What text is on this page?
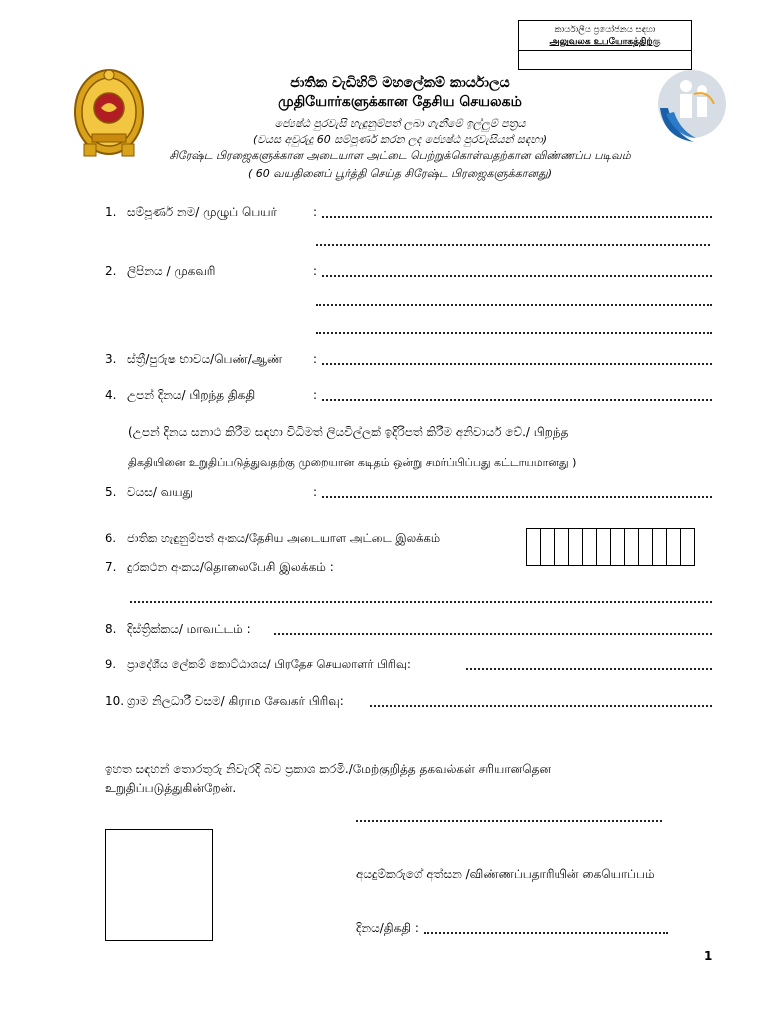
කාර්යාලීය ප්‍රයෝජනය සඳහා
அலுவலக உபயோகத்திற்கு
ජාතික වැඩිහිටි මහලේකම් කාර්යාලය
முதியோர்களுக்கான தேசிய செயலகம்
ජ්‍යෙෂ්ඨ පුරවැසි හැඳුනුම්පත් ලබා ගැනීමේ ඉල්ලුම් පත්‍රය
(වයස අවුරුදු 60 සම්පූර්ණ කරන ලද ජ්‍යෙෂ්ඨ පුරවැසියන් සඳහා)
சிரேஷ்ட பிரஜைகளுக்கான அடையாள அட்டை பெற்றுக்கொள்வதற்கான விண்ணப்ப படிவம்
( 60 வயதினைப் பூர்த்தி செய்த சிரேஷ்ட பிரஜைகளுக்கானது)
1. සම්පූර්ණ නම/ முழுப் பெயர்	:
2. ලිපිනය / முகவரி	:
3. ස්ත්‍රී/පුරුෂ භාවය/பெண்/ஆண்	:
4. උපන් දිනය/ பிறந்த திகதி	:
(උපන් දිනය සනාථ කිරීම සඳහා විධිමත් ලියවිල්ලක් ඉදිරිපත් කිරීම අනිවාර්ය වේ./ பிறந்த
திகதியினை உறுதிப்படுத்துவதற்கு முறையான கடிதம் ஒன்று சமர்ப்பிப்பது கட்டாயமானது )
5. වයස/ வயது	:
6. ජාතික හැඳුනුම්පත් අංකය/தேசிய அடையாள அட்டை இலக்கம்
7. දුරකථන අංකය/தொலைபேசி இலக்கம் :
8. දිස්ත්‍රික්කය/ மாவட்டம் :
9. ප්‍රාදේශීය ලේකම් කොට්ඨාශය/ பிரதேச செயலாளர் பிரிவு:
10. ග්‍රාම නිලධාරී වසම/ கிராம சேவகர் பிரிவு:
ඉහත සඳහන් තොරතුරු නිවැරදි බව ප්‍රකාශ කරමි./மேற்குறித்த தகவல்கள் சரியானதென
உறுதிப்படுத்துகின்றேன்.
අයදුම්කරුගේ අත්සන /விண்ணப்பதாரியின் கையொப்பம்
දිනය/திகதி :
1
